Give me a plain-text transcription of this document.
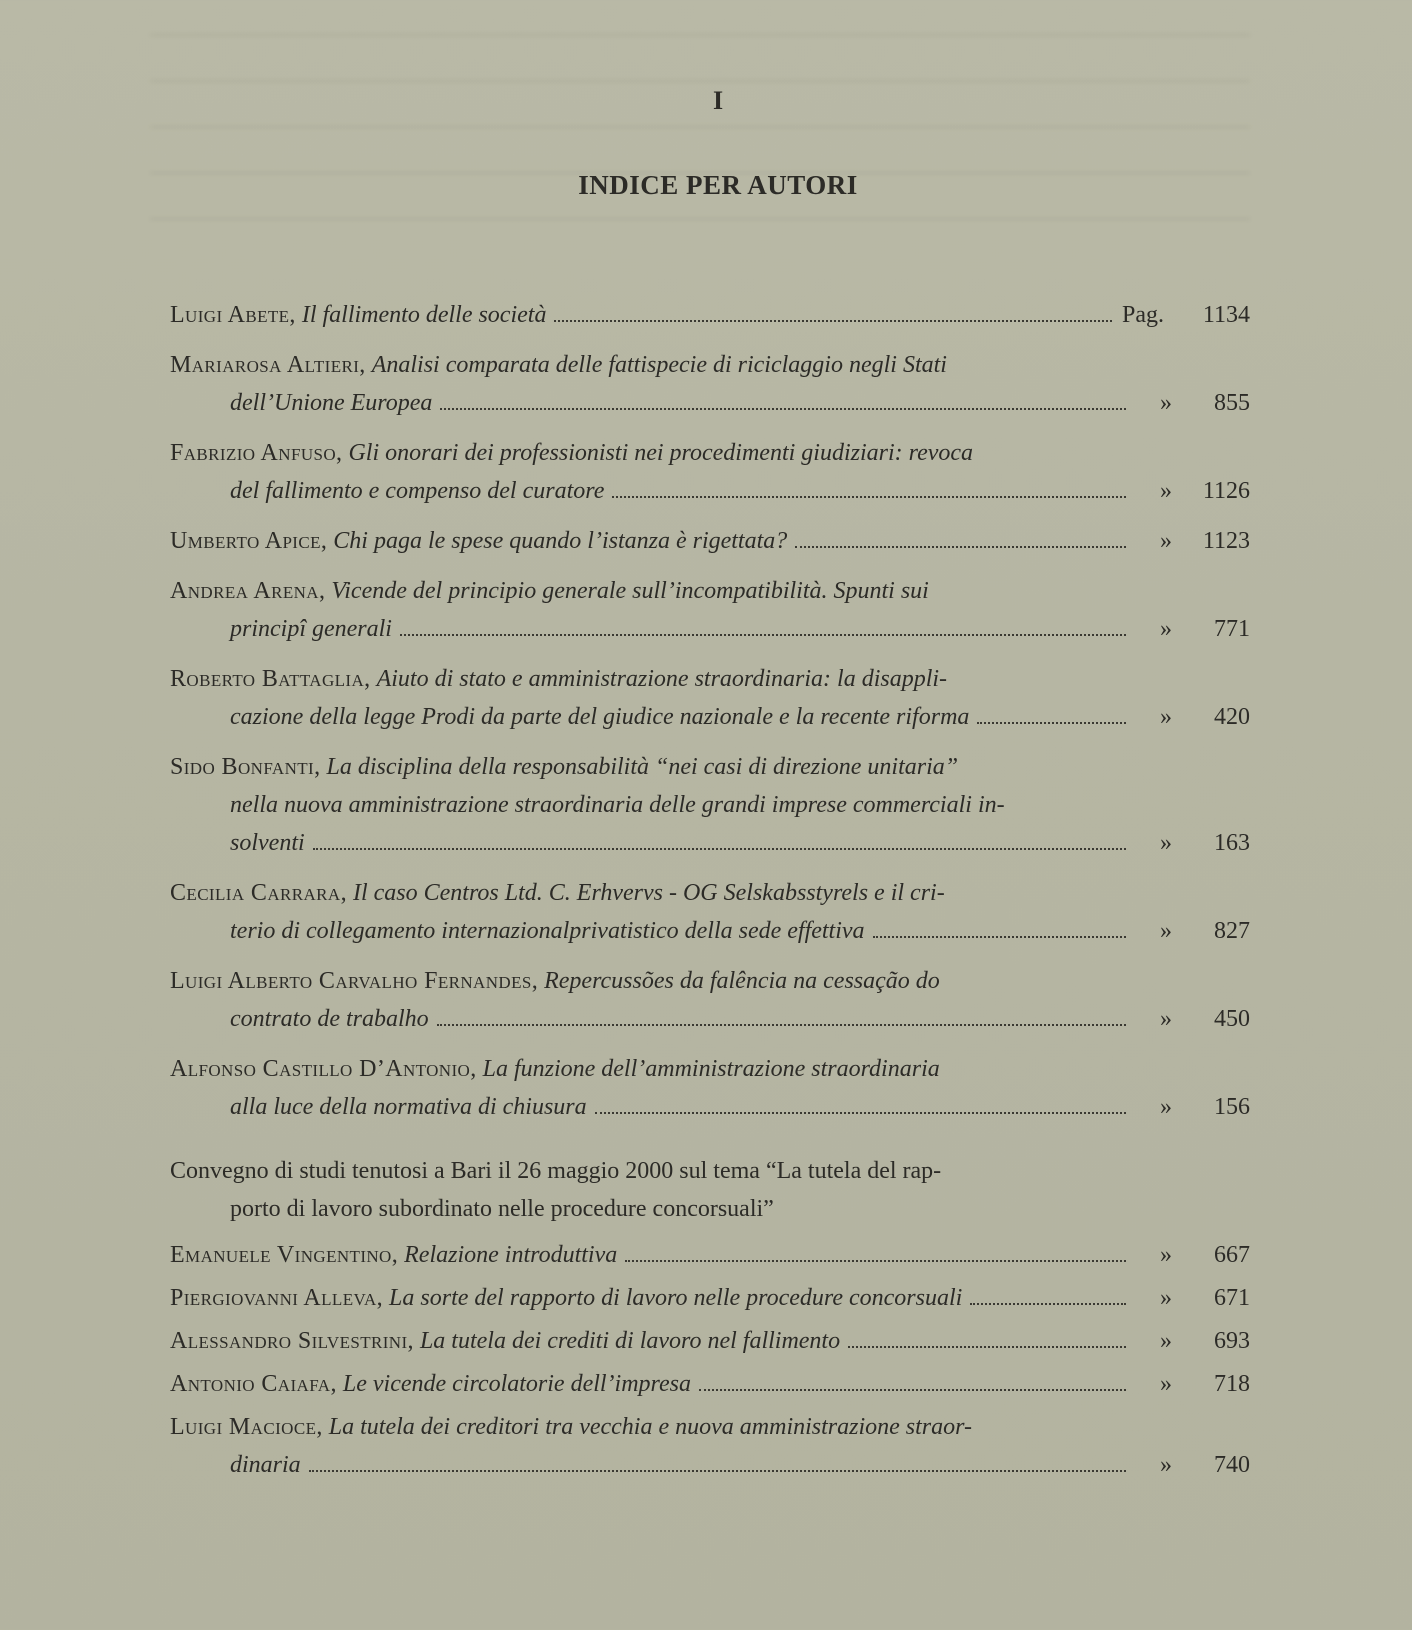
I
INDICE PER AUTORI
Luigi Abete, Il fallimento delle società	Pag.	1134
Mariarosa Altieri, Analisi comparata delle fattispecie di riciclaggio negli Stati
dell’Unione Europea	»	855
Fabrizio Anfuso, Gli onorari dei professionisti nei procedimenti giudiziari: revoca
del fallimento e compenso del curatore	»	1126
Umberto Apice, Chi paga le spese quando l’istanza è rigettata?	»	1123
Andrea Arena, Vicende del principio generale sull’incompatibilità. Spunti sui
principî generali	»	771
Roberto Battaglia, Aiuto di stato e amministrazione straordinaria: la disappli-
cazione della legge Prodi da parte del giudice nazionale e la recente riforma	»	420
Sido Bonfanti, La disciplina della responsabilità “nei casi di direzione unitaria”
nella nuova amministrazione straordinaria delle grandi imprese commerciali in-
solventi	»	163
Cecilia Carrara, Il caso Centros Ltd. C. Erhvervs - OG Selskabsstyrels e il cri-
terio di collegamento internazionalprivatistico della sede effettiva	»	827
Luigi Alberto Carvalho Fernandes, Repercussões da falência na cessação do
contrato de trabalho	»	450
Alfonso Castillo D’Antonio, La funzione dell’amministrazione straordinaria
alla luce della normativa di chiusura	»	156
Convegno di studi tenutosi a Bari il 26 maggio 2000 sul tema “La tutela del rap-
porto di lavoro subordinato nelle procedure concorsuali”
Emanuele Vingentino, Relazione introduttiva	»	667
Piergiovanni Alleva, La sorte del rapporto di lavoro nelle procedure concorsuali	»	671
Alessandro Silvestrini, La tutela dei crediti di lavoro nel fallimento	»	693
Antonio Caiafa, Le vicende circolatorie dell’impresa	»	718
Luigi Macioce, La tutela dei creditori tra vecchia e nuova amministrazione straor-
dinaria	»	740
